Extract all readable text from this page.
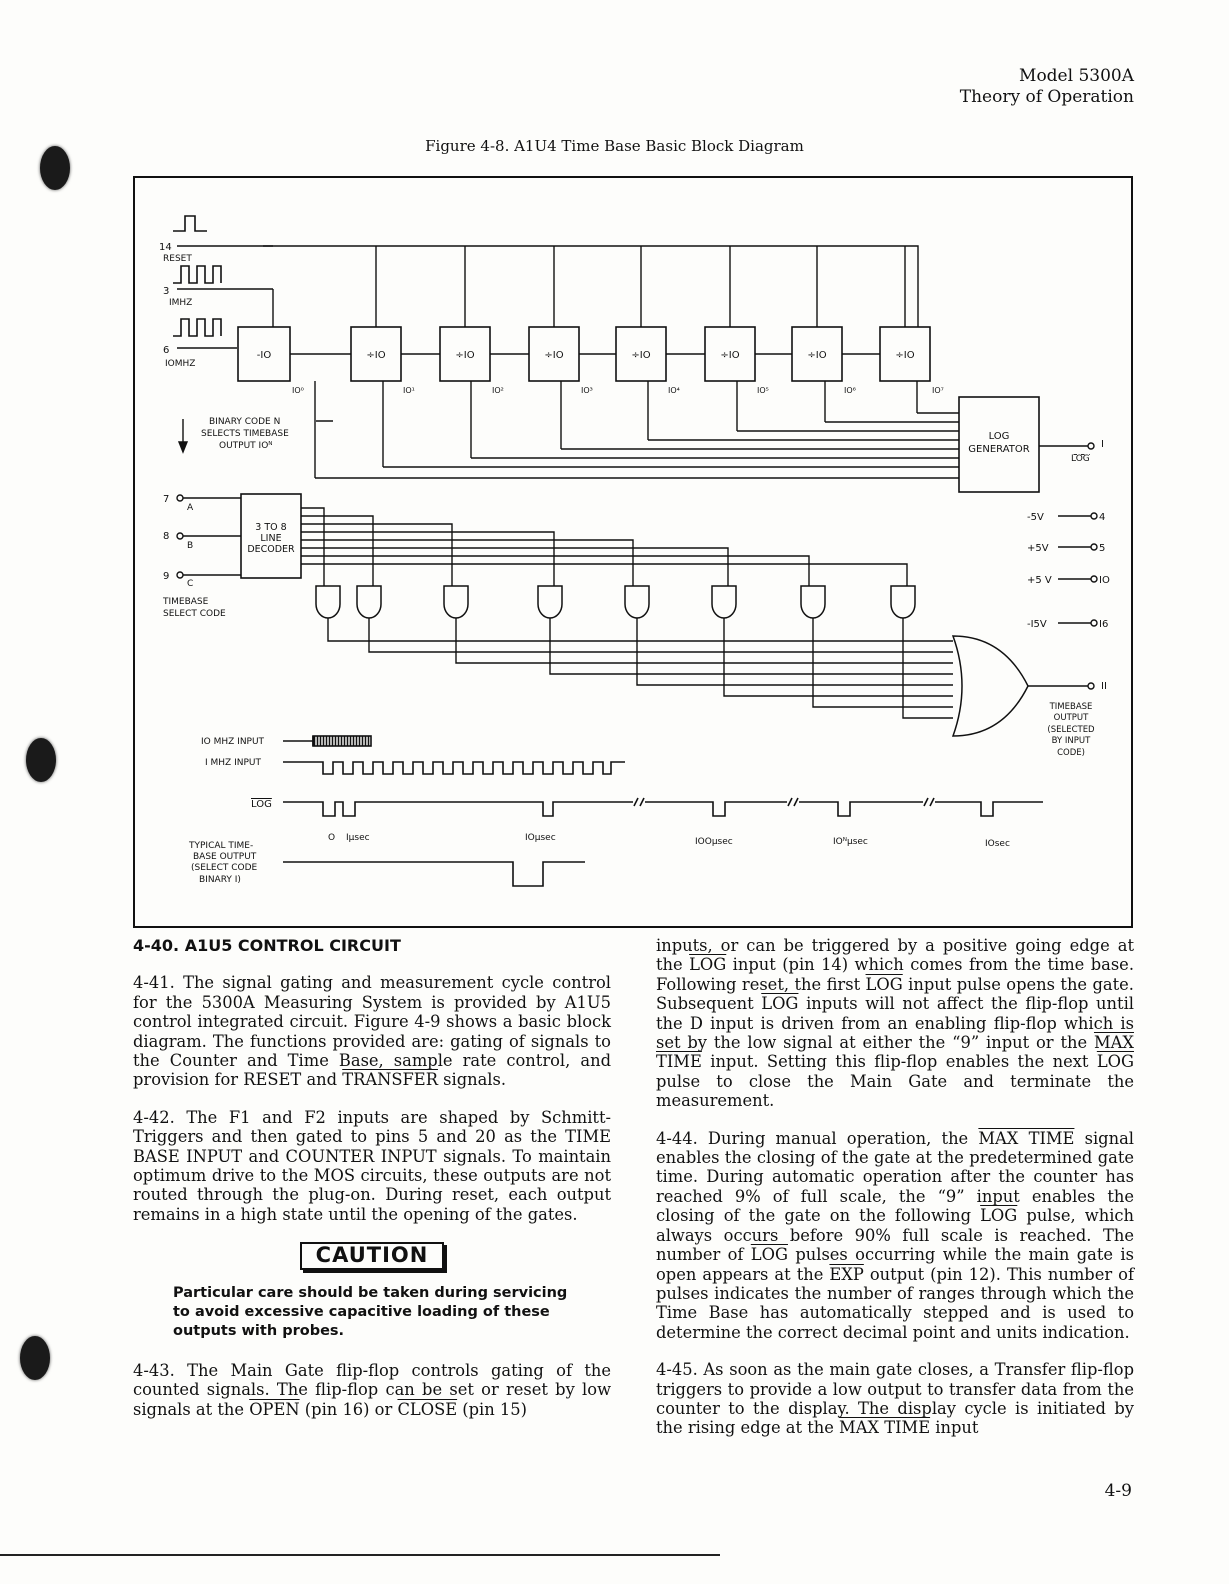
Model 5300A
Theory of Operation
Figure 4-8. A1U4 Time Base Basic Block Diagram
-IO
IO⁰
÷IO
IO¹
÷IO
IO²
÷IO
IO³
÷IO
IO⁴
÷IO
IO⁵
÷IO
IO⁶
÷IO
IO⁷
14
RESET
3
IMHZ
6
IOMHZ
BINARY CODE N
SELECTS TIMEBASE
OUTPUT IOᴺ
LOG
GENERATOR	I
LOG
7
A
8
B
9
C
3 TO 8
LINE
DECODER
TIMEBASE
SELECT CODE
-5V	4
+5V	5
+5 V	IO
-I5V	I6
II
TIMEBASE
OUTPUT
(SELECTED
BY INPUT
CODE)
IO MHZ INPUT
I MHZ INPUT
LOG
TYPICAL TIME-
BASE OUTPUT
(SELECT CODE
BINARY I)
O Iμsec	IOμsec	IOOμsec	IOᴺμsec	IOsec
4-40. A1U5 CONTROL CIRCUIT

4-41. The signal gating and measurement cycle control for the 5300A Measuring System is provided by A1U5 control integrated circuit. Figure 4-9 shows a basic block diagram. The functions provided are: gating of signals to the Counter and Time Base, sample rate control, and provision for RESET and TRANSFER signals.

4-42. The F1 and F2 inputs are shaped by Schmitt-Triggers and then gated to pins 5 and 20 as the TIME BASE INPUT and COUNTER INPUT signals. To maintain optimum drive to the MOS circuits, these outputs are not routed through the plug-on. During reset, each output remains in a high state until the opening of the gates.

CAUTION
Particular care should be taken during servicing to avoid excessive capacitive loading of these outputs with probes.

4-43. The Main Gate flip-flop controls gating of the counted signals. The flip-flop can be set or reset by low signals at the OPEN (pin 16) or CLOSE (pin 15)

inputs, or can be triggered by a positive going edge at the $\overline{LOG}$ input (pin 14) which comes from the time base. Following reset, the first $\overline{LOG}$ input pulse opens the gate. Subsequent $\overline{LOG}$ inputs will not affect the flip-flop until the D input is driven from an enabling flip-flop which is set by the low signal at either the “9” input or the MAX TIME input. Setting this flip-flop enables the next $\overline{LOG}$ pulse to close the Main Gate and terminate the measurement.

4-44. During manual operation, the MAX TIME signal enables the closing of the gate at the predetermined gate time. During automatic operation after the counter has reached 9% of full scale, the “9” input enables the closing of the gate on the following $\overline{LOG}$ pulse, which always occurs before 90% full scale is reached. The number of $\overline{LOG}$ pulses occurring while the main gate is open appears at the $\overline{EXP}$ output (pin 12). This number of pulses indicates the number of ranges through which the Time Base has automatically stepped and is used to determine the correct decimal point and units indication.

4-45. As soon as the main gate closes, a Transfer flip-flop triggers to provide a low output to transfer data from the counter to the display. The display cycle is initiated by the rising edge at the MAX TIME input

4-9
